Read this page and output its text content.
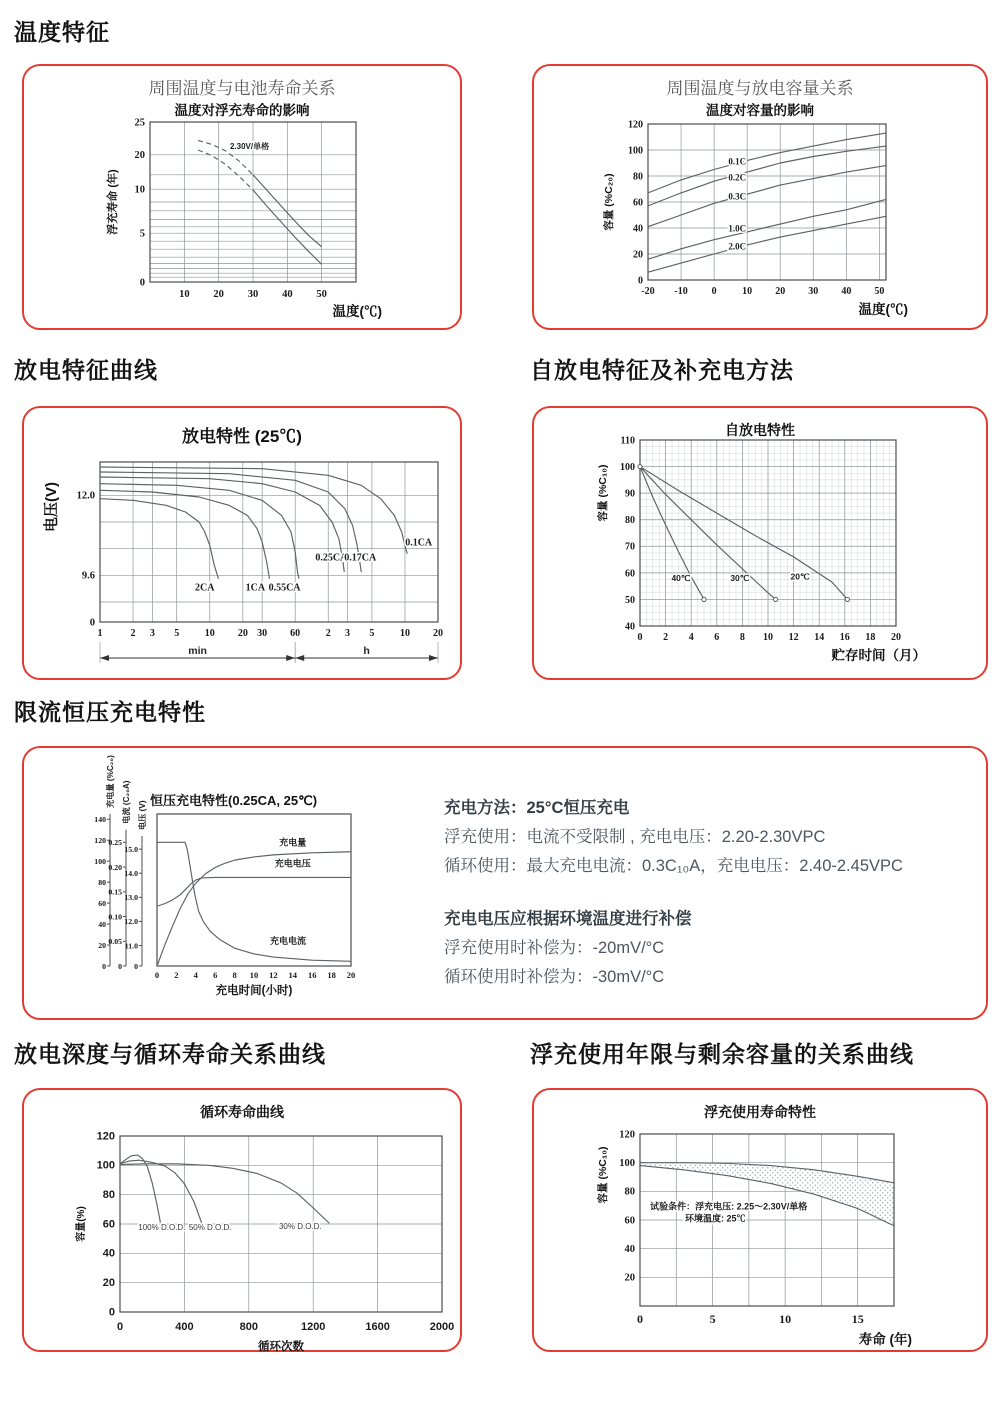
温度特征
放电特征曲线	自放电特征及补充电方法
限流恒压充电特性
放电深度与循环寿命关系曲线	浮充使用年限与剩余容量的关系曲线
周围温度与电池寿命关系
温度对浮充寿命的影响
10 20 30 40 50
25
20
10
5
0
温度(℃)
浮充寿命 (年)
2.30V/单格
周围温度与放电容量关系
温度对容量的影响
-20 -10 0	10 20 30 40 50
0
20
40
60
80
100
120
温度(℃)
容量 (%C₂₀)
0.1C
0.2C
0.3C
1.0C
2.0C
放电特性 (25℃)
1	2 3 5	10 20 30 60	2 3 5	10 20
12.0
9.6
0
电压(V)
min	h
2CA	1CA 0.55CA
0.25CA
0.17CA
0.1CA
自放电特性
0 2 4 6 8 10 12 14 16 18 20
40
50
60
70
80
90
100
110
贮存时间（月）
容量 (%C₁₀)
40℃	30℃	20℃
恒压充电特性(0.25CA, 25℃)
0
20
40
60
80
100
120
140
充电量 (%C₂₀)
0
0.05
0.10
0.15
0.20
0.25
电流 (C₂₀A)
0
11.0
12.0
13.0
14.0
15.0
电压 (V)
0 2 4 6 8 10 12 14 16 18 20
充电时间(小时)
充电量
充电电压
充电电流
充电方法：25°C恒压充电
浮充使用：电流不受限制 , 充电电压：2.20-2.30VPC
循环使用：最大充电电流：0.3C₁₀A，充电电压：2.40-2.45VPC
充电电压应根据环境温度进行补偿
浮充使用时补偿为：-20mV/°C
循环使用时补偿为：-30mV/°C
循环寿命曲线
0	400	800	1200	1600	2000
0
20
40
60
80
100
120
循环次数
容量(%)	100% D.O.D. 50% D.O.D.	30% D.O.D.
浮充使用寿命特性
0	5	10	15
20
40
60
80
100
120
寿命 (年)
容量 (%C₁₀)
试验条件：浮充电压: 2.25～2.30V/单格
环境温度: 25℃
